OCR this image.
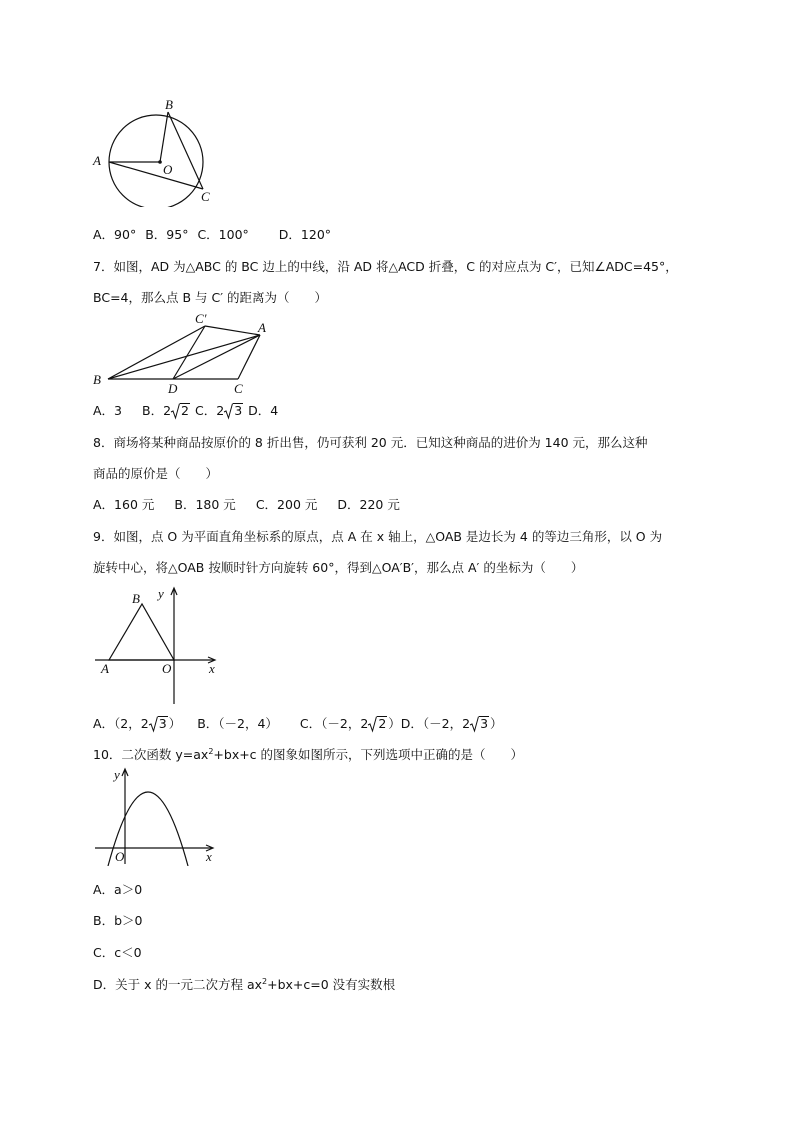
A
B
O
C
A．90° B．95° C．100° D．120°
7．如图，AD 为△ABC 的 BC 边上的中线，沿 AD 将△ACD 折叠，C 的对应点为 C′，已知∠ADC=45°，
BC=4，那么点 B 与 C′ 的距离为（　　）
C′
A
B
D	C
A．3 B．2 2 C．2 3 D．4
8．商场将某种商品按原价的 8 折出售，仍可获利 20 元．已知这种商品的进价为 140 元，那么这种
商品的原价是（　　）
A．160 元 B．180 元 C．200 元 D．220 元
9．如图，点 O 为平面直角坐标系的原点，点 A 在 x 轴上，△OAB 是边长为 4 的等边三角形，以 O 为
旋转中心，将△OAB 按顺时针方向旋转 60°，得到△OA′B′，那么点 A′ 的坐标为（　　）
B y
A	O	x
A．（2，2 3 ） B．（－2，4） C．（－2，2 2 ）D．（－2，2 3 ）
10．二次函数 $y=ax^2+bx+c$ 的图象如图所示，下列选项中正确的是（　　）
y
O	x
A．a＞0
B．b＞0
C．c＜0
D．关于 x 的一元二次方程 $ax^2+bx+c=0$ 没有实数根
